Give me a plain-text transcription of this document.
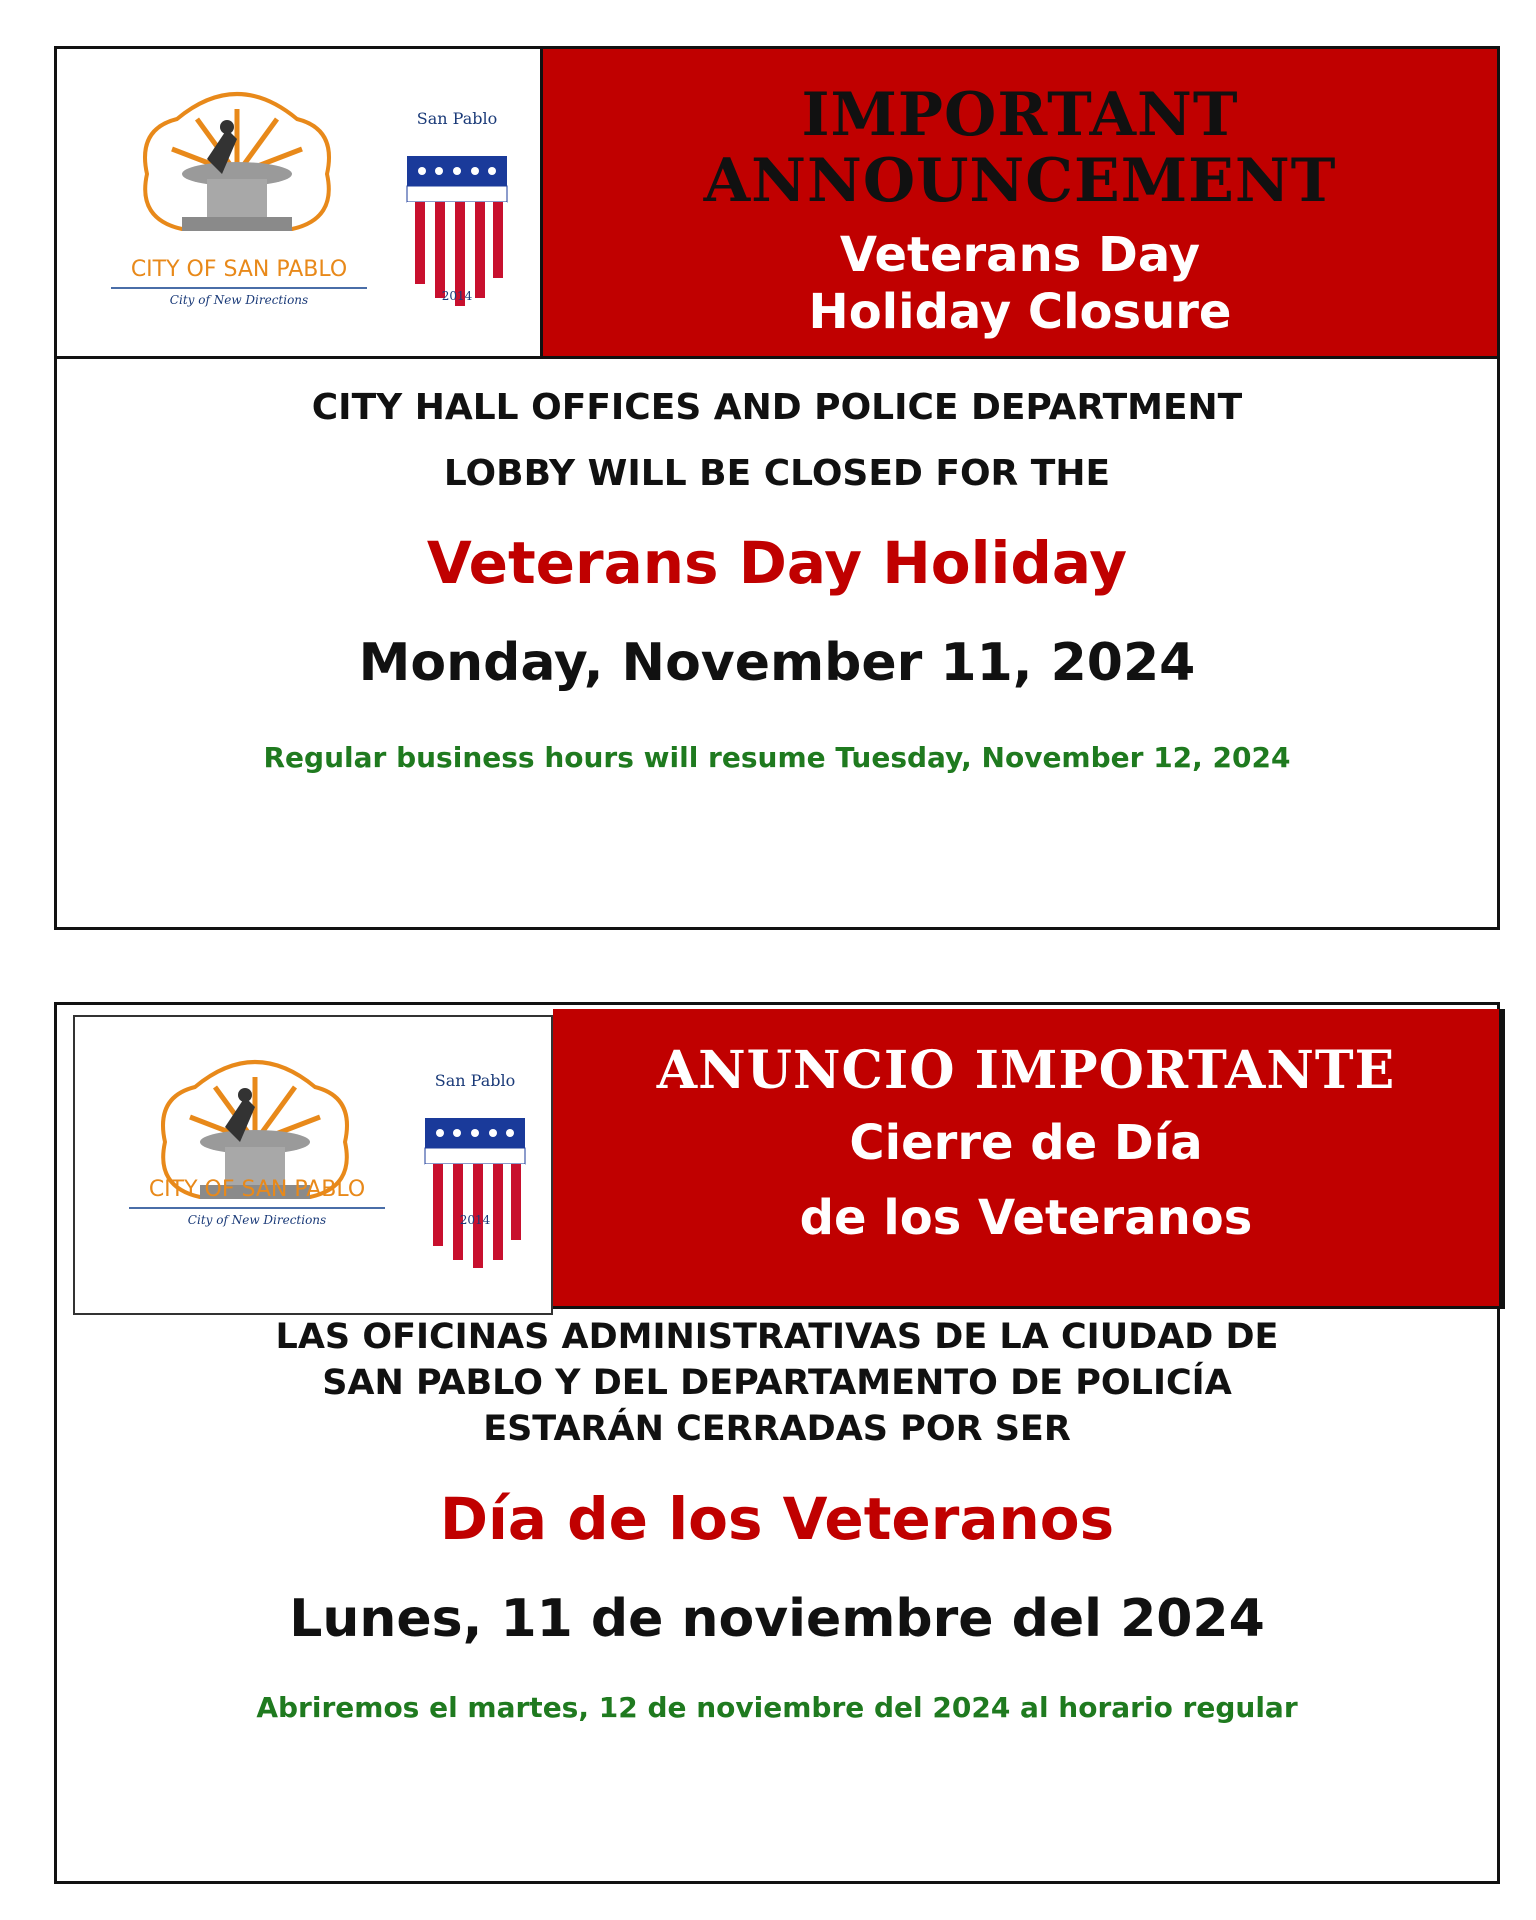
CITY OF SAN PABLO
City of New Directions
San Pablo
2014
IMPORTANT
ANNOUNCEMENT
Veterans Day
Holiday Closure
CITY HALL OFFICES AND POLICE DEPARTMENT
LOBBY WILL BE CLOSED FOR THE
Veterans Day Holiday
Monday, November 11, 2024
Regular business hours will resume Tuesday, November 12, 2024
CITY OF SAN PABLO
City of New Directions
San Pablo
2014
ANUNCIO IMPORTANTE
Cierre de Día
de los Veteranos
LAS OFICINAS ADMINISTRATIVAS DE LA CIUDAD DE
SAN PABLO Y DEL DEPARTAMENTO DE POLICÍA
ESTARÁN CERRADAS POR SER
Día de los Veteranos
Lunes, 11 de noviembre del 2024
Abriremos el martes, 12 de noviembre del 2024 al horario regular
